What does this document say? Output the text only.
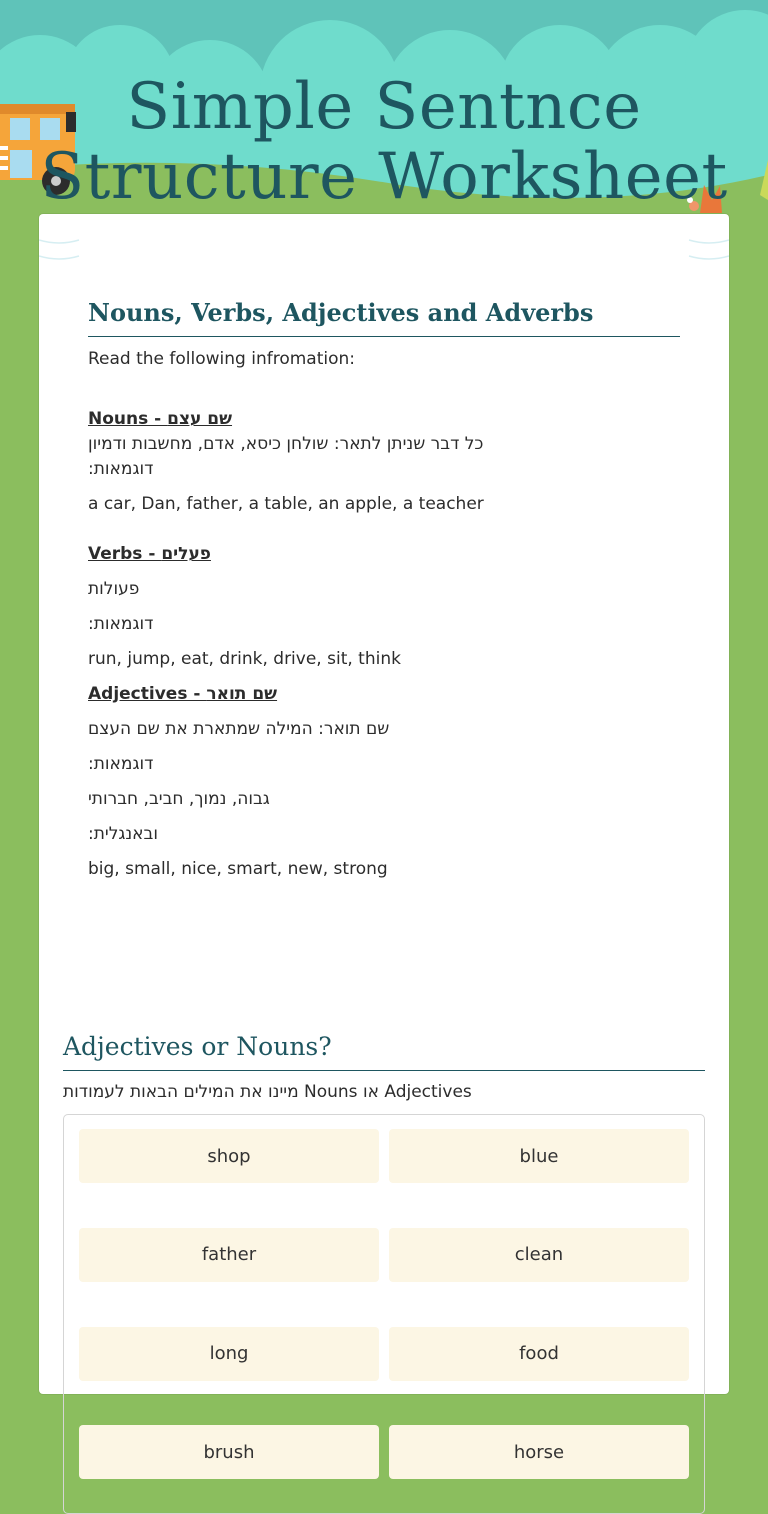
Simple Sentnce Structure Worksheet
Nouns, Verbs, Adjectives and Adverbs

Read the following infromation:

Nouns - שם עצם
כל דבר שניתן לתאר: שולחן כיסא, אדם, מחשבות ודמיון
דוגמאות:
a car, Dan, father, a table, an apple, a teacher
Verbs - פעלים
פעולות
דוגמאות:
run, jump, eat, drink, drive, sit, think
Adjectives - שם תואר
שם תואר: המילה שמתארת את שם העצם
דוגמאות:
גבוה, נמוך, חביב, חברותי
ובאנגלית:
big, small, nice, smart, new, strong
Adjectives or Nouns?

מיינו את המילים הבאות לעמודות Nouns או Adjectives

shop	blue
father	clean
long	food
brush	horse
